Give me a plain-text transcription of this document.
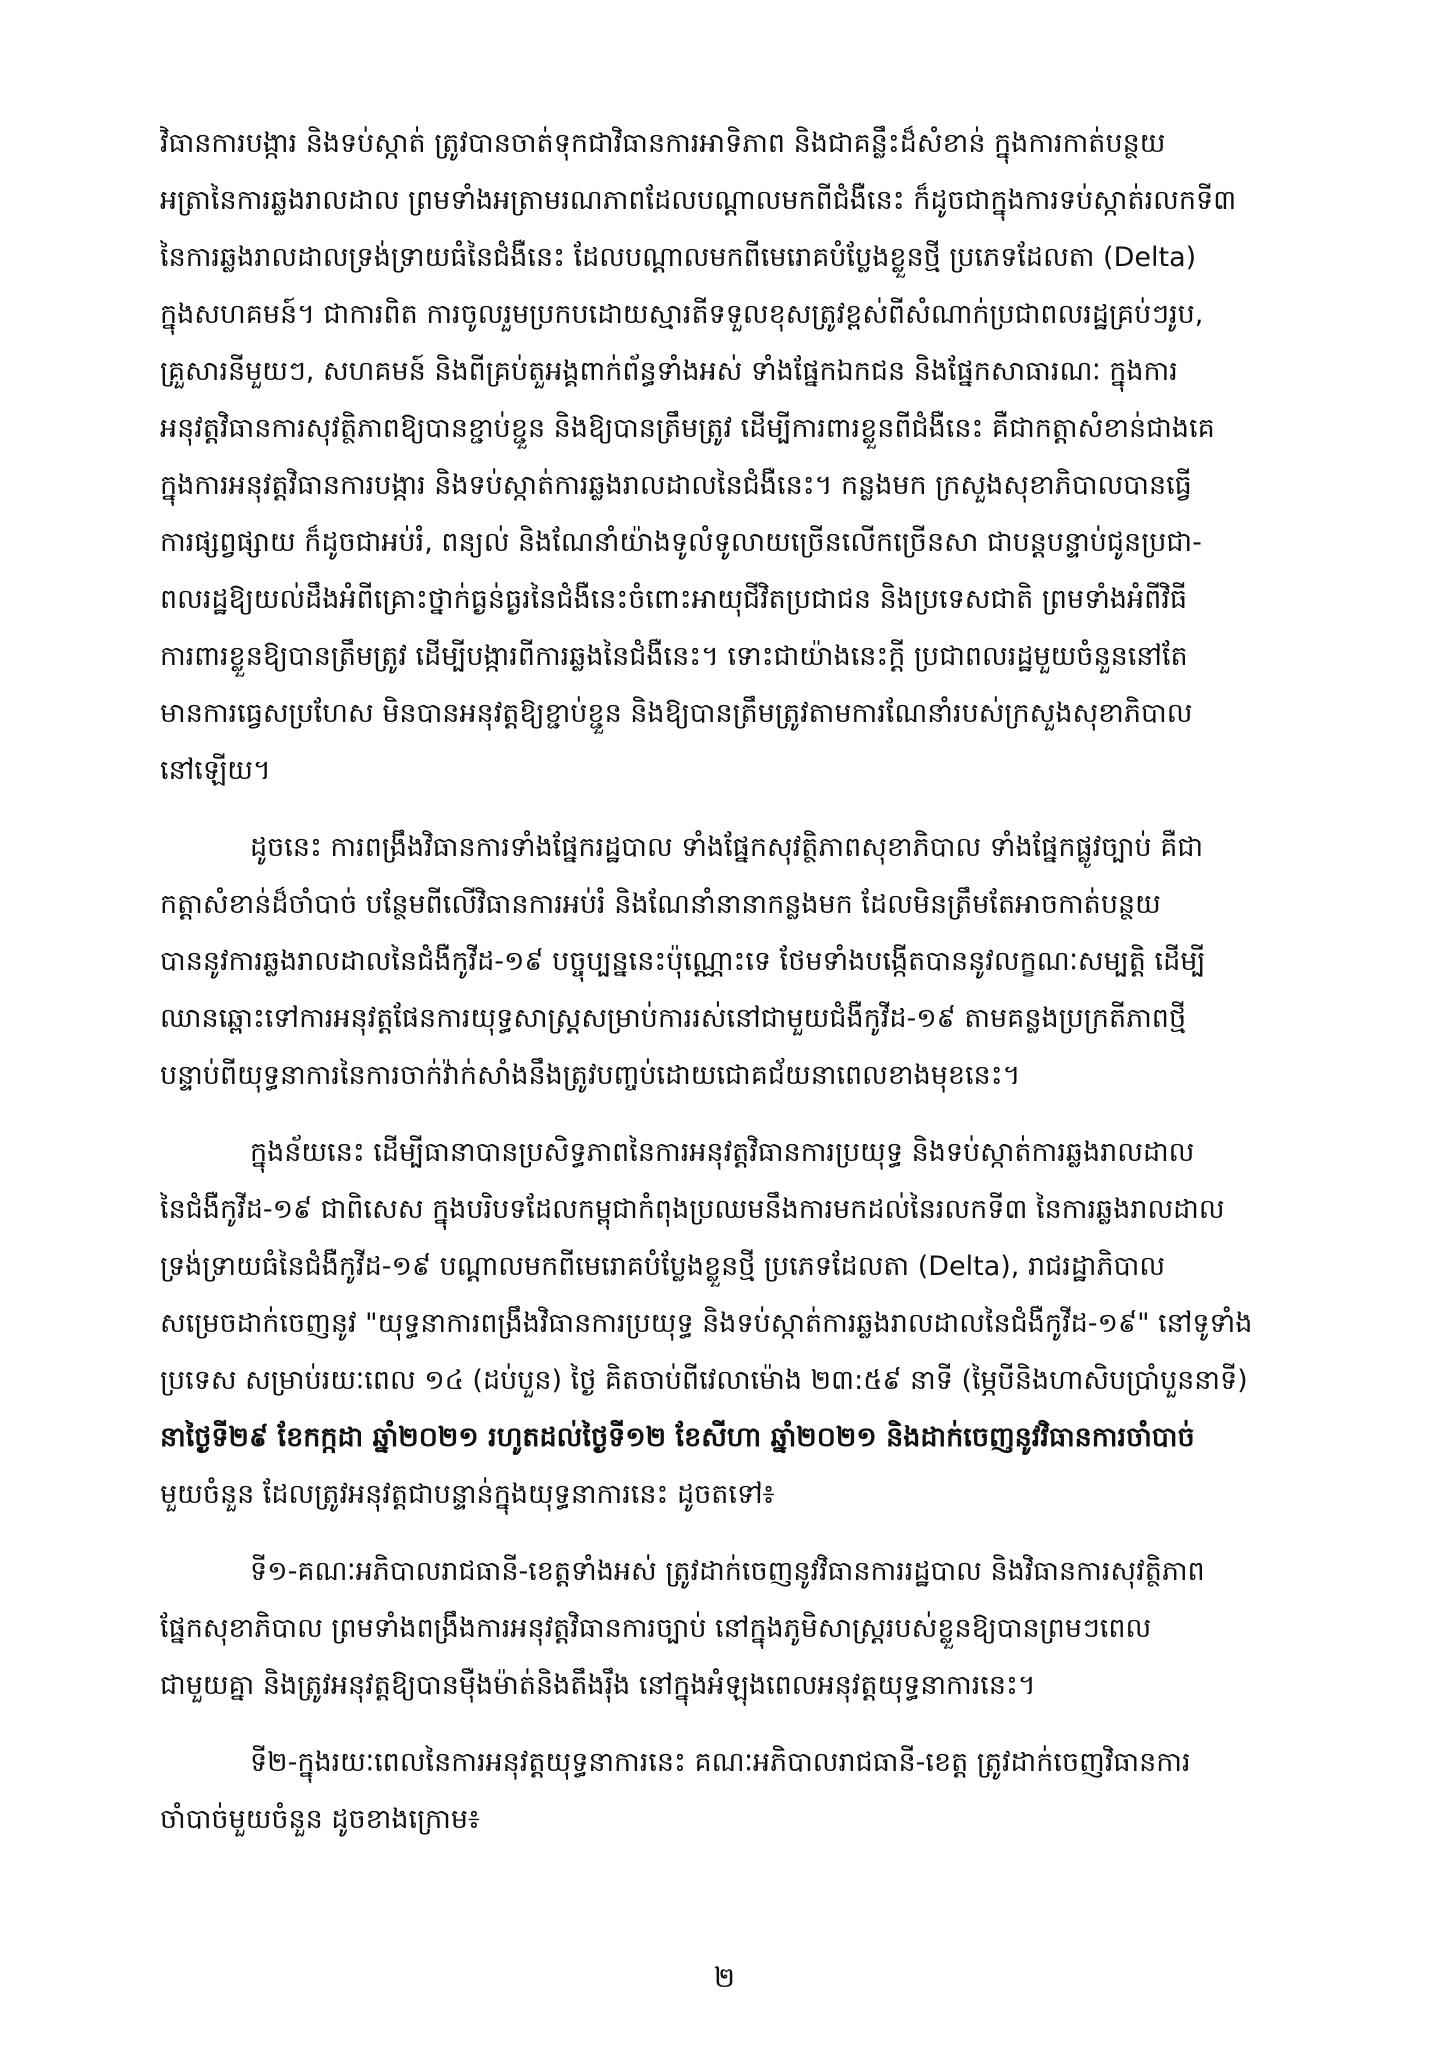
វិធានការបង្ការ និងទប់ស្កាត់ ត្រូវបានចាត់ទុកជាវិធានការអាទិភាព និងជាគន្លឹះដ៏សំខាន់ ក្នុងការកាត់បន្ថយ
អត្រានៃការឆ្លងរាលដាល ព្រមទាំងអត្រាមរណភាពដែលបណ្តាលមកពីជំងឺនេះ ក៏ដូចជាក្នុងការទប់ស្កាត់រលកទី៣
នៃការឆ្លងរាលដាលទ្រង់ទ្រាយធំនៃជំងឺនេះ ដែលបណ្តាលមកពីមេរោគបំប្លែងខ្លួនថ្មី ប្រភេទដែលតា (Delta)
ក្នុងសហគមន៍។ ជាការពិត ការចូលរួមប្រកបដោយស្មារតីទទួលខុសត្រូវខ្ពស់ពីសំណាក់ប្រជាពលរដ្ឋគ្រប់ៗរូប,
គ្រួសារនីមួយៗ, សហគមន៍ និងពីគ្រប់តួអង្គពាក់ព័ន្ធទាំងអស់ ទាំងផ្នែកឯកជន និងផ្នែកសាធារណៈ ក្នុងការ
អនុវត្តវិធានការសុវត្ថិភាពឱ្យបានខ្ជាប់ខ្ជួន និងឱ្យបានត្រឹមត្រូវ ដើម្បីការពារខ្លួនពីជំងឺនេះ គឺជាកត្តាសំខាន់ជាងគេ
ក្នុងការអនុវត្តវិធានការបង្ការ និងទប់ស្កាត់ការឆ្លងរាលដាលនៃជំងឺនេះ។ កន្លងមក ក្រសួងសុខាភិបាលបានធ្វើ
ការផ្សព្វផ្សាយ ក៏ដូចជាអប់រំ, ពន្យល់ និងណែនាំយ៉ាងទូលំទូលាយច្រើនលើកច្រើនសា ជាបន្តបន្ទាប់ជូនប្រជា-
ពលរដ្ឋឱ្យយល់ដឹងអំពីគ្រោះថ្នាក់ធ្ងន់ធ្ងរនៃជំងឺនេះចំពោះអាយុជីវិតប្រជាជន និងប្រទេសជាតិ ព្រមទាំងអំពីវិធី
ការពារខ្លួនឱ្យបានត្រឹមត្រូវ ដើម្បីបង្ការពីការឆ្លងនៃជំងឺនេះ។ ទោះជាយ៉ាងនេះក្តី ប្រជាពលរដ្ឋមួយចំនួននៅតែ
មានការធ្វេសប្រហែស មិនបានអនុវត្តឱ្យខ្ជាប់ខ្ជួន និងឱ្យបានត្រឹមត្រូវតាមការណែនាំរបស់ក្រសួងសុខាភិបាល
នៅឡើយ។

ដូចនេះ ការពង្រឹងវិធានការទាំងផ្នែករដ្ឋបាល ទាំងផ្នែកសុវត្ថិភាពសុខាភិបាល ទាំងផ្នែកផ្លូវច្បាប់ គឺជា
កត្តាសំខាន់ដ៏ចាំបាច់ បន្ថែមពីលើវិធានការអប់រំ និងណែនាំនានាកន្លងមក ដែលមិនត្រឹមតែអាចកាត់បន្ថយ
បាននូវការឆ្លងរាលដាលនៃជំងឺកូវីដ-១៩ បច្ចុប្បន្ននេះប៉ុណ្ណោះទេ ថែមទាំងបង្កើតបាននូវលក្ខណៈសម្បត្តិ ដើម្បី
ឈានឆ្ពោះទៅការអនុវត្តផែនការយុទ្ធសាស្ត្រសម្រាប់ការរស់នៅជាមួយជំងឺកូវីដ-១៩ តាមគន្លងប្រក្រតីភាពថ្មី
បន្ទាប់ពីយុទ្ធនាការនៃការចាក់វ៉ាក់សាំងនឹងត្រូវបញ្ចប់ដោយជោគជ័យនាពេលខាងមុខនេះ។

ក្នុងន័យនេះ ដើម្បីធានាបានប្រសិទ្ធភាពនៃការអនុវត្តវិធានការប្រយុទ្ធ និងទប់ស្កាត់ការឆ្លងរាលដាល
នៃជំងឺកូវីដ-១៩ ជាពិសេស ក្នុងបរិបទដែលកម្ពុជាកំពុងប្រឈមនឹងការមកដល់នៃរលកទី៣ នៃការឆ្លងរាលដាល
ទ្រង់ទ្រាយធំនៃជំងឺកូវីដ-១៩ បណ្តាលមកពីមេរោគបំប្លែងខ្លួនថ្មី ប្រភេទដែលតា (Delta), រាជរដ្ឋាភិបាល
សម្រេចដាក់ចេញនូវ "យុទ្ធនាការពង្រឹងវិធានការប្រយុទ្ធ និងទប់ស្កាត់ការឆ្លងរាលដាលនៃជំងឺកូវីដ-១៩" នៅទូទាំង
ប្រទេស សម្រាប់រយៈពេល ១៤ (ដប់បួន) ថ្ងៃ គិតចាប់ពីវេលាម៉ោង ២៣:៥៩ នាទី (ម្ភៃបីនិងហាសិបប្រាំបួននាទី)
នាថ្ងៃទី២៩ ខែកក្កដា ឆ្នាំ២០២១ រហូតដល់ថ្ងៃទី១២ ខែសីហា ឆ្នាំ២០២១ និងដាក់ចេញនូវវិធានការចាំបាច់
មួយចំនួន ដែលត្រូវអនុវត្តជាបន្ទាន់ក្នុងយុទ្ធនាការនេះ ដូចតទៅ៖

ទី១-គណៈអភិបាលរាជធានី-ខេត្តទាំងអស់ ត្រូវដាក់ចេញនូវវិធានការរដ្ឋបាល និងវិធានការសុវត្ថិភាព
ផ្នែកសុខាភិបាល ព្រមទាំងពង្រឹងការអនុវត្តវិធានការច្បាប់ នៅក្នុងភូមិសាស្ត្ររបស់ខ្លួនឱ្យបានព្រមៗពេល
ជាមួយគ្នា និងត្រូវអនុវត្តឱ្យបានម៉ឺងម៉ាត់និងតឹងរ៉ឹង នៅក្នុងអំឡុងពេលអនុវត្តយុទ្ធនាការនេះ។

ទី២-ក្នុងរយៈពេលនៃការអនុវត្តយុទ្ធនាការនេះ គណៈអភិបាលរាជធានី-ខេត្ត ត្រូវដាក់ចេញវិធានការ
ចាំបាច់មួយចំនួន ដូចខាងក្រោម៖

២
